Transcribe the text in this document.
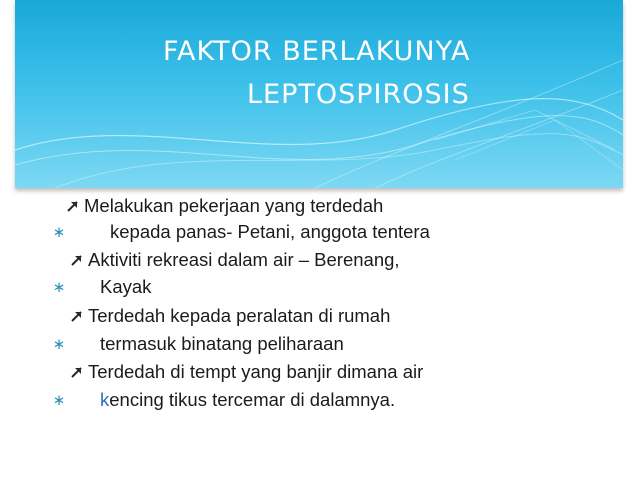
FAKTOR BERLAKUNYA
LEPTOSPIROSIS
Melakukan pekerjaan yang terdedah
∗ kepada panas- Petani, anggota tentera
Aktiviti rekreasi dalam air – Berenang,
∗ Kayak
Terdedah kepada peralatan di rumah
∗ termasuk binatang peliharaan
Terdedah di tempt yang banjir dimana air
∗ kencing tikus tercemar di dalamnya.
